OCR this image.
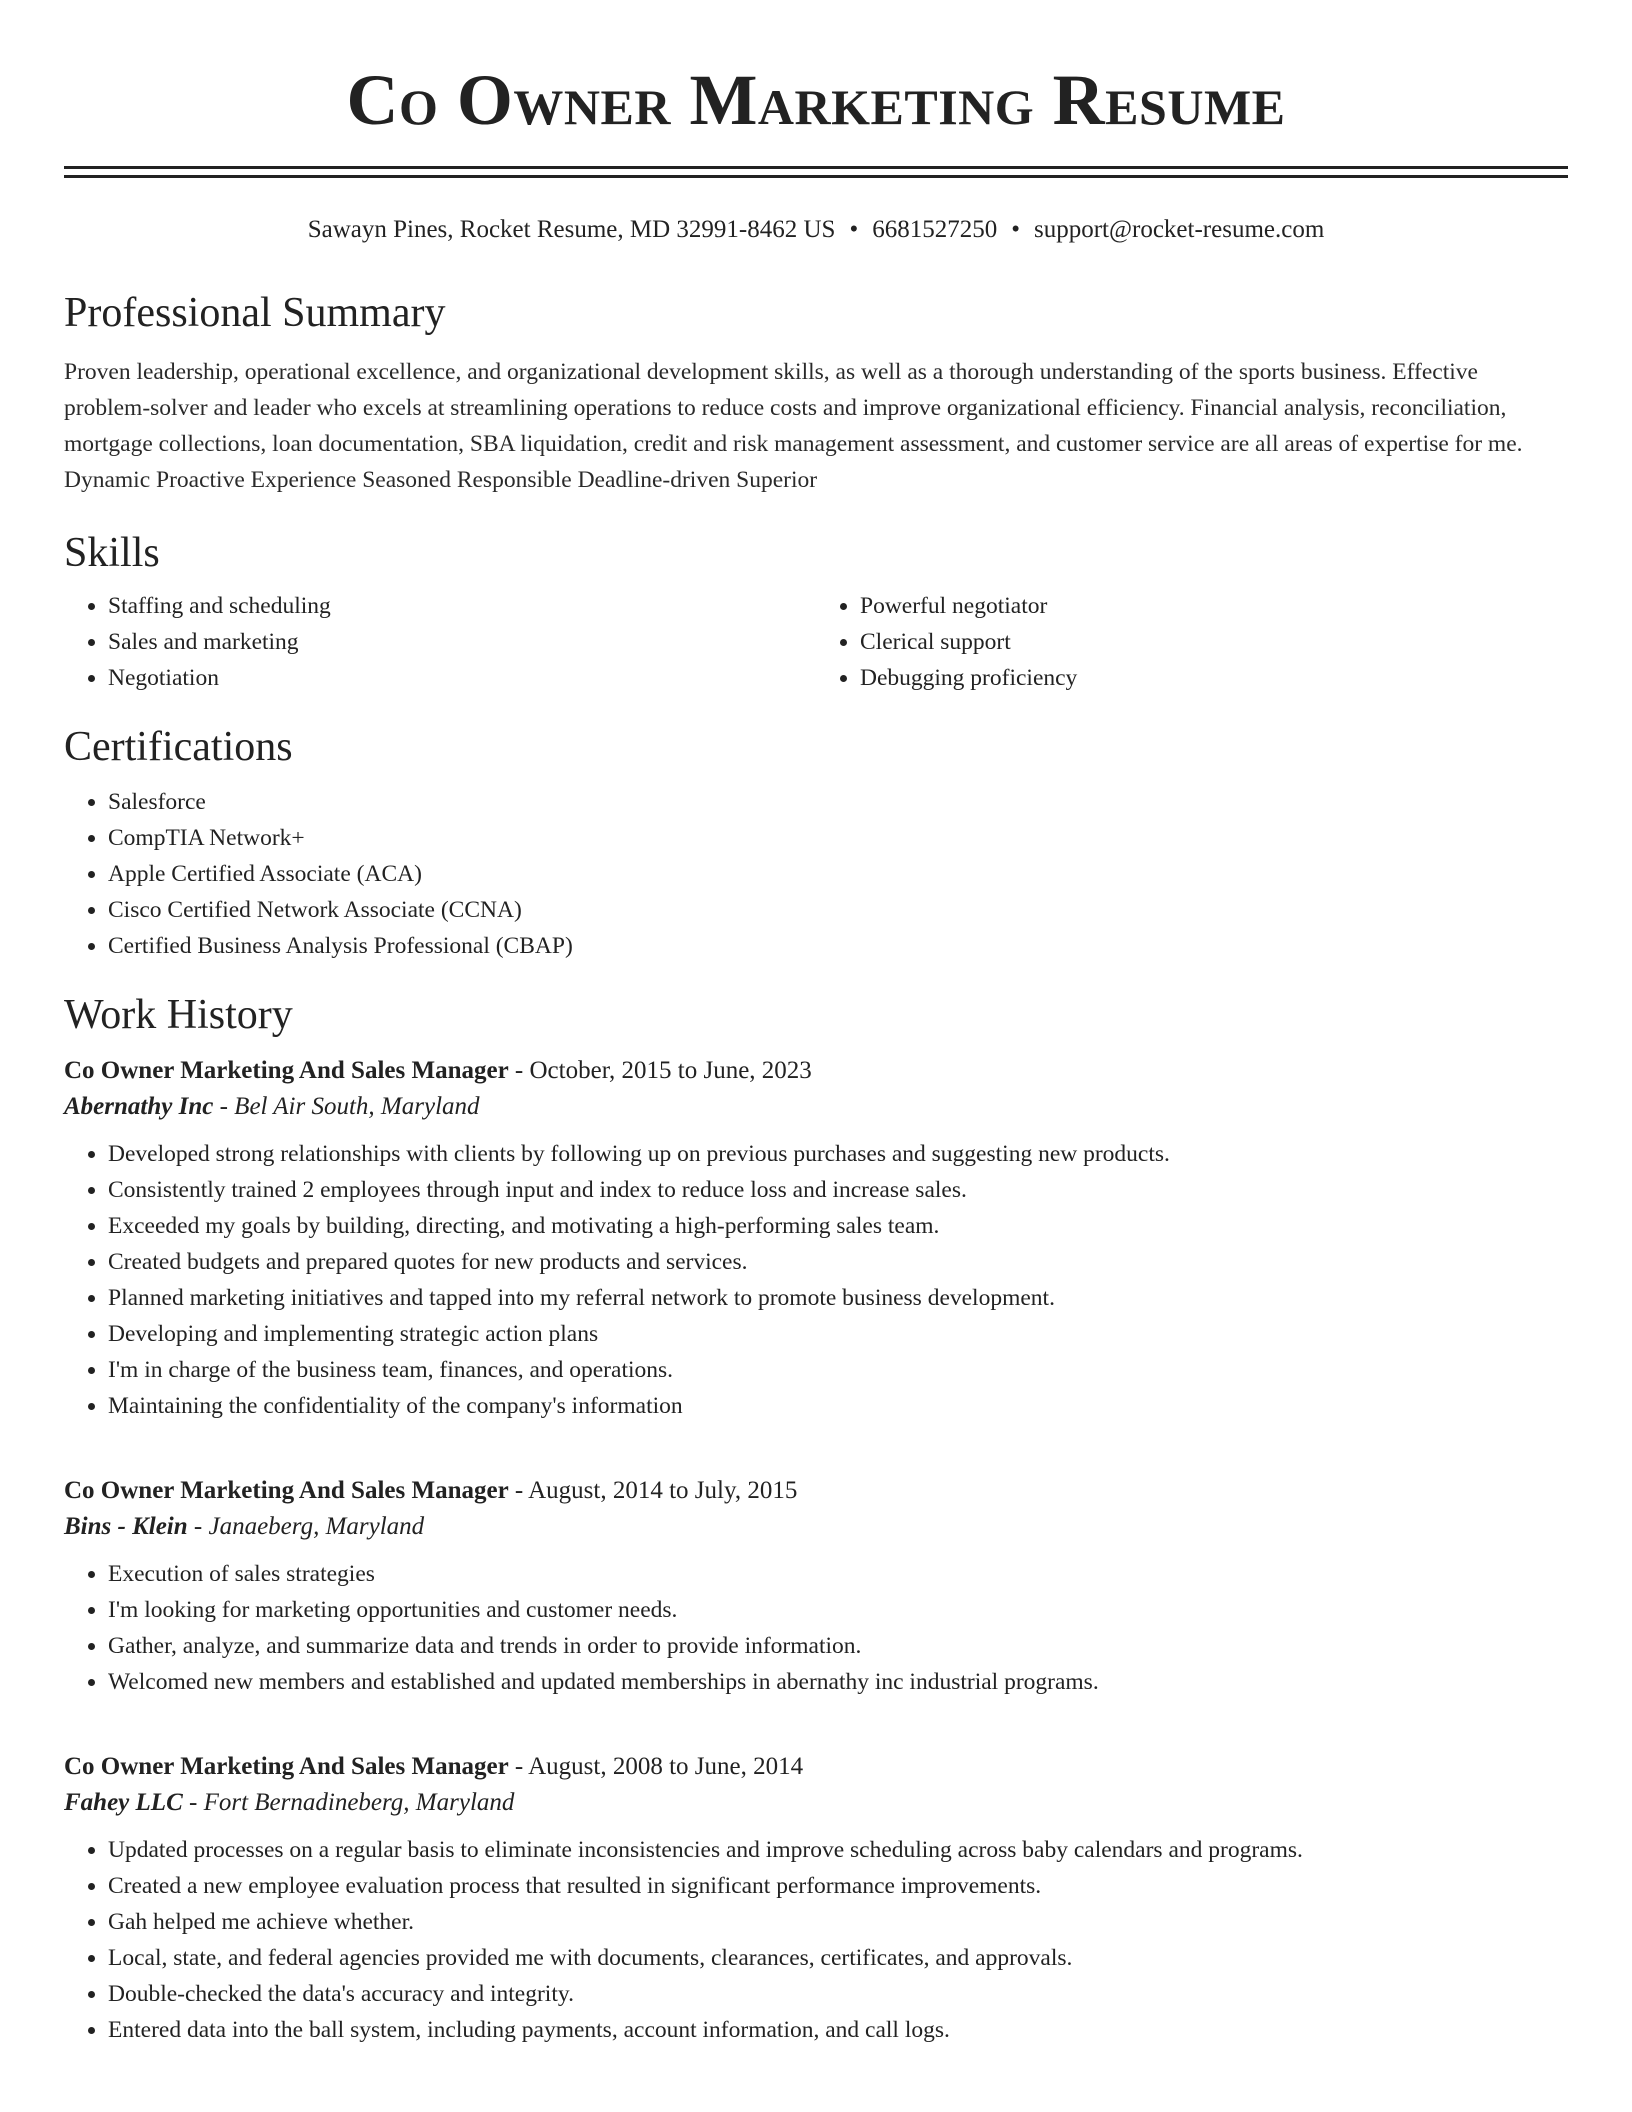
Co Owner Marketing Resume
Sawayn Pines, Rocket Resume, MD 32991-8462 US • 6681527250 • support@rocket-resume.com
Professional Summary

Proven leadership, operational excellence, and organizational development skills, as well as a thorough understanding of the sports business. Effective problem-solver and leader who excels at streamlining operations to reduce costs and improve organizational efficiency. Financial analysis, reconciliation, mortgage collections, loan documentation, SBA liquidation, credit and risk management assessment, and customer service are all areas of expertise for me. Dynamic Proactive Experience Seasoned Responsible Deadline-driven Superior

Skills
• Staffing and scheduling
• Sales and marketing
• Negotiation
• Powerful negotiator
• Clerical support
• Debugging proficiency
Certifications
• Salesforce
• CompTIA Network+
• Apple Certified Associate (ACA)
• Cisco Certified Network Associate (CCNA)
• Certified Business Analysis Professional (CBAP)
Work History
Co Owner Marketing And Sales Manager - October, 2015 to June, 2023
Abernathy Inc - Bel Air South, Maryland
• Developed strong relationships with clients by following up on previous purchases and suggesting new products.
• Consistently trained 2 employees through input and index to reduce loss and increase sales.
• Exceeded my goals by building, directing, and motivating a high-performing sales team.
• Created budgets and prepared quotes for new products and services.
• Planned marketing initiatives and tapped into my referral network to promote business development.
• Developing and implementing strategic action plans
• I'm in charge of the business team, finances, and operations.
• Maintaining the confidentiality of the company's information
Co Owner Marketing And Sales Manager - August, 2014 to July, 2015
Bins - Klein - Janaeberg, Maryland
• Execution of sales strategies
• I'm looking for marketing opportunities and customer needs.
• Gather, analyze, and summarize data and trends in order to provide information.
• Welcomed new members and established and updated memberships in abernathy inc industrial programs.
Co Owner Marketing And Sales Manager - August, 2008 to June, 2014
Fahey LLC - Fort Bernadineberg, Maryland
• Updated processes on a regular basis to eliminate inconsistencies and improve scheduling across baby calendars and programs.
• Created a new employee evaluation process that resulted in significant performance improvements.
• Gah helped me achieve whether.
• Local, state, and federal agencies provided me with documents, clearances, certificates, and approvals.
• Double-checked the data's accuracy and integrity.
• Entered data into the ball system, including payments, account information, and call logs.
